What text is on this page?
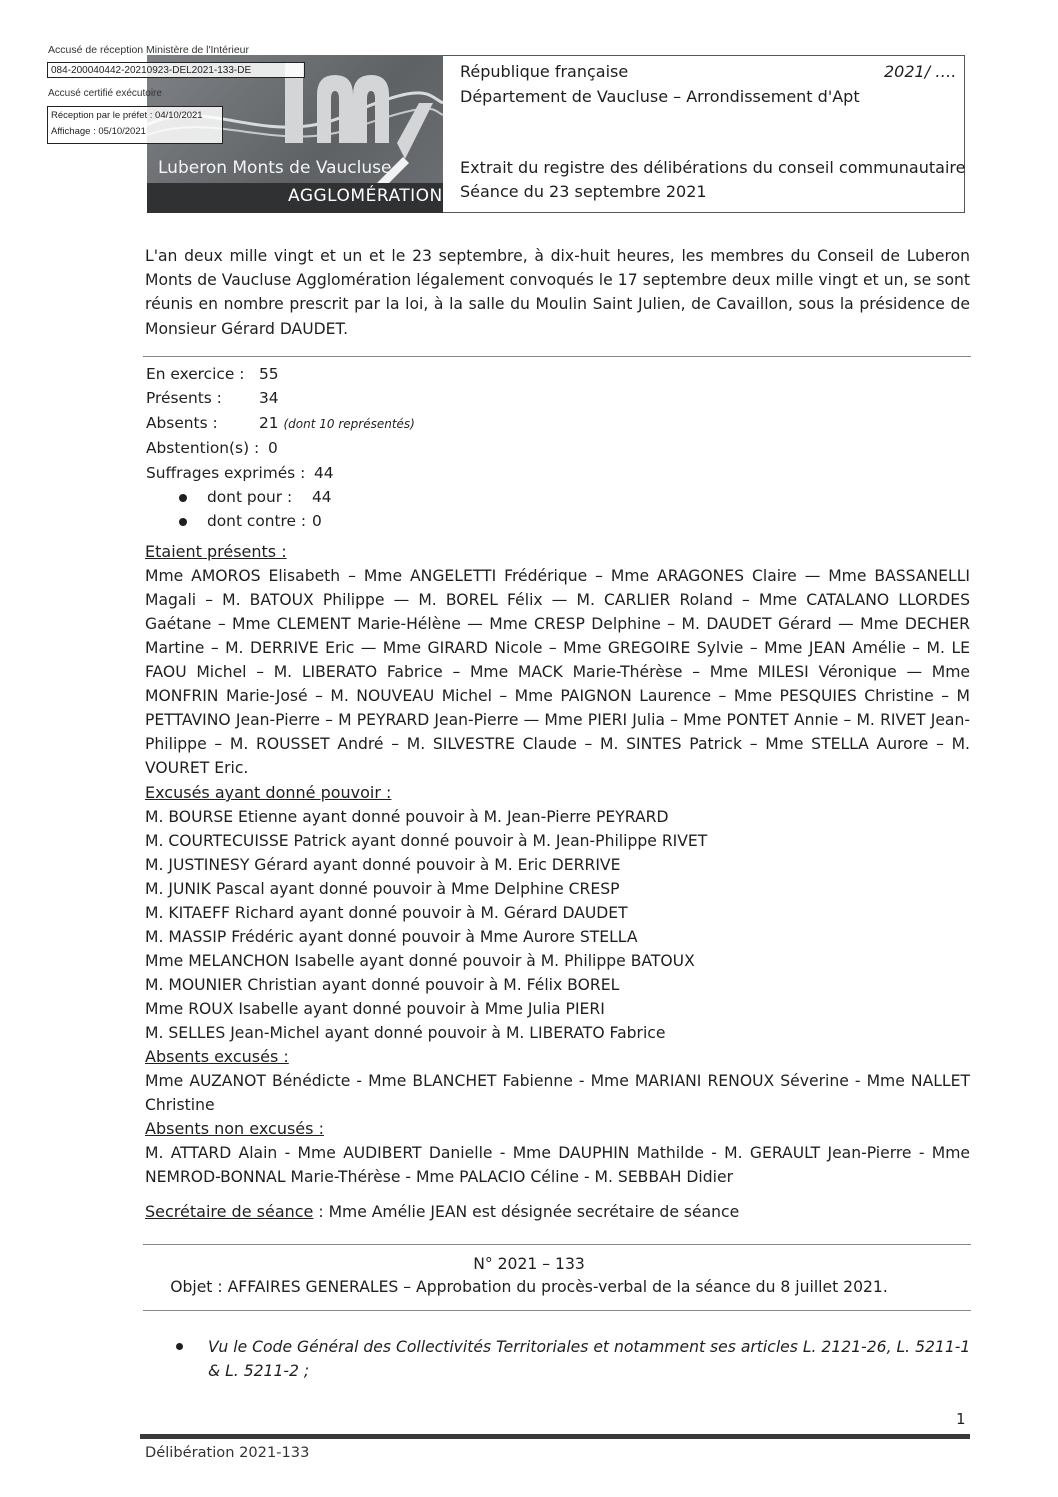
Luberon Monts de Vaucluse
AGGLOMÉRATION
Accusé de réception Ministère de l'Intérieur
084-200040442-20210923-DEL2021-133-DE
Accusé certifié exécutoire
Réception par le préfet : 04/10/2021
Affichage : 05/10/2021
République française	2021/ ….
Département de Vaucluse – Arrondissement d'Apt
Extrait du registre des délibérations du conseil communautaire
Séance du 23 septembre 2021
L'an deux mille vingt et un et le 23 septembre, à dix-huit heures, les membres du Conseil de Luberon Monts de Vaucluse Agglomération légalement convoqués le 17 septembre deux mille vingt et un, se sont réunis en nombre prescrit par la loi, à la salle du Moulin Saint Julien, de Cavaillon, sous la présidence de Monsieur Gérard DAUDET.
En exercice : 55
Présents : 34
Absents :	21 (dont 10 représentés)
Abstention(s) : 0
Suffrages exprimés : 44
dont pour : 44
dont contre : 0
Etaient présents :

Mme AMOROS Elisabeth – Mme ANGELETTI Frédérique – Mme ARAGONES Claire — Mme BASSANELLI Magali – M. BATOUX Philippe — M. BOREL Félix — M. CARLIER Roland – Mme CATALANO LLORDES Gaétane – Mme CLEMENT Marie-Hélène — Mme CRESP Delphine – M. DAUDET Gérard — Mme DECHER Martine – M. DERRIVE Eric — Mme GIRARD Nicole – Mme GREGOIRE Sylvie – Mme JEAN Amélie – M. LE FAOU Michel – M. LIBERATO Fabrice – Mme MACK Marie-Thérèse – Mme MILESI Véronique — Mme MONFRIN Marie-José – M. NOUVEAU Michel – Mme PAIGNON Laurence – Mme PESQUIES Christine – M PETTAVINO Jean-Pierre – M PEYRARD Jean-Pierre — Mme PIERI Julia – Mme PONTET Annie – M. RIVET Jean-Philippe – M. ROUSSET André – M. SILVESTRE Claude – M. SINTES Patrick – Mme STELLA Aurore – M. VOURET Eric.

Excusés ayant donné pouvoir :
M. BOURSE Etienne ayant donné pouvoir à M. Jean-Pierre PEYRARD
M. COURTECUISSE Patrick ayant donné pouvoir à M. Jean-Philippe RIVET
M. JUSTINESY Gérard ayant donné pouvoir à M. Eric DERRIVE
M. JUNIK Pascal ayant donné pouvoir à Mme Delphine CRESP
M. KITAEFF Richard ayant donné pouvoir à M. Gérard DAUDET
M. MASSIP Frédéric ayant donné pouvoir à Mme Aurore STELLA
Mme MELANCHON Isabelle ayant donné pouvoir à M. Philippe BATOUX
M. MOUNIER Christian ayant donné pouvoir à M. Félix BOREL
Mme ROUX Isabelle ayant donné pouvoir à Mme Julia PIERI
M. SELLES Jean-Michel ayant donné pouvoir à M. LIBERATO Fabrice
Absents excusés :

Mme AUZANOT Bénédicte - Mme BLANCHET Fabienne - Mme MARIANI RENOUX Séverine - Mme NALLET Christine

Absents non excusés :

M. ATTARD Alain - Mme AUDIBERT Danielle - Mme DAUPHIN Mathilde - M. GERAULT Jean-Pierre - Mme NEMROD-BONNAL Marie-Thérèse - Mme PALACIO Céline - M. SEBBAH Didier

Secrétaire de séance : Mme Amélie JEAN est désignée secrétaire de séance
N° 2021 – 133
Objet : AFFAIRES GENERALES – Approbation du procès-verbal de la séance du 8 juillet 2021.
Vu le Code Général des Collectivités Territoriales et notamment ses articles L. 2121-26, L. 5211-1
& L. 5211-2 ;
1
Délibération 2021-133
